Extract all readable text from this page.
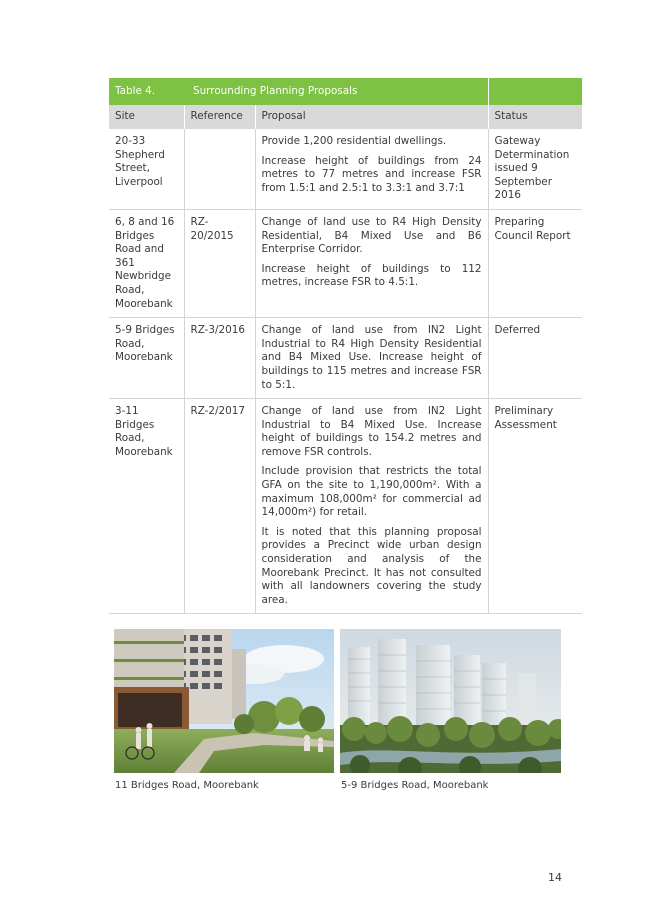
Table 4. Surrounding Planning Proposals			
Site	Reference	Proposal	Status
20-33 Shepherd Street, Liverpool		Provide 1,200 residential dwellings.

Increase height of buildings from 24 metres to 77 metres and increase FSR from 1.5:1 and 2.5:1 to 3.3:1 and 3.7:1	Gateway Determination issued 9 September 2016
6, 8 and 16 Bridges Road and 361 Newbridge Road, Moorebank	RZ-20/2015	Change of land use to R4 High Density Residential, B4 Mixed Use and B6 Enterprise Corridor.

Increase height of buildings to 112 metres, increase FSR to 4.5:1.	Preparing Council Report
5-9 Bridges Road, Moorebank	RZ-3/2016	Change of land use from IN2 Light Industrial to R4 High Density Residential and B4 Mixed Use. Increase height of buildings to 115 metres and increase FSR to 5:1.	Deferred
3-11 Bridges Road, Moorebank	RZ-2/2017	Change of land use from IN2 Light Industrial to B4 Mixed Use. Increase height of buildings to 154.2 metres and remove FSR controls.

Include provision that restricts the total GFA on the site to 1,190,000m². With a maximum 108,000m² for commercial ad 14,000m²) for retail.

It is noted that this planning proposal provides a Precinct wide urban design consideration and analysis of the Moorebank Precinct. It has not consulted with all landowners covering the study area.	Preliminary Assessment
11 Bridges Road, Moorebank	5-9 Bridges Road, Moorebank
14
